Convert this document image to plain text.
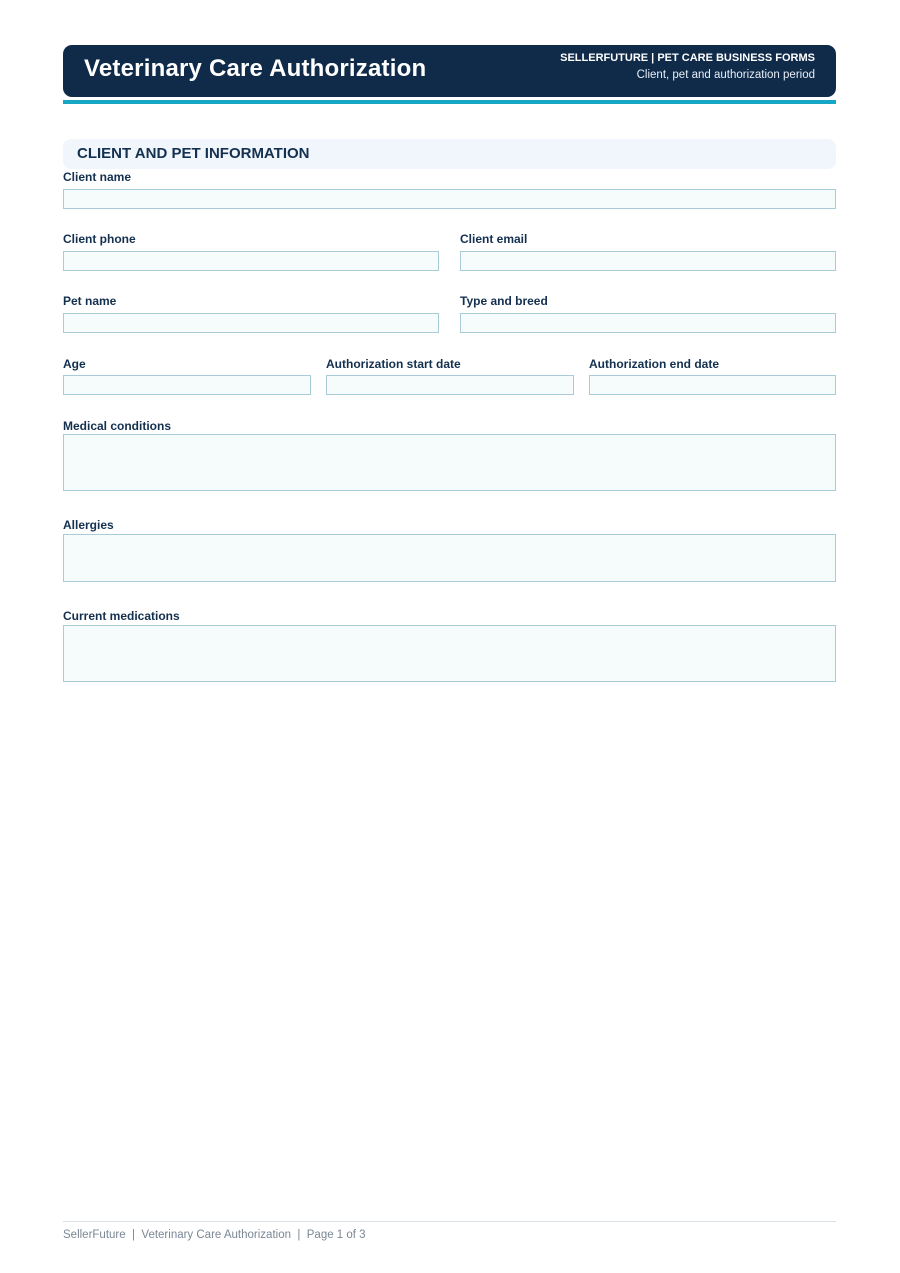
Veterinary Care Authorization	SELLERFUTURE | PET CARE BUSINESS FORMS
Client, pet and authorization period
CLIENT AND PET INFORMATION
Client name
Client phone	Client email
Pet name	Type and breed
Age	Authorization start date	Authorization end date
Medical conditions
Allergies
Current medications
SellerFuture  |  Veterinary Care Authorization  |  Page 1 of 3
